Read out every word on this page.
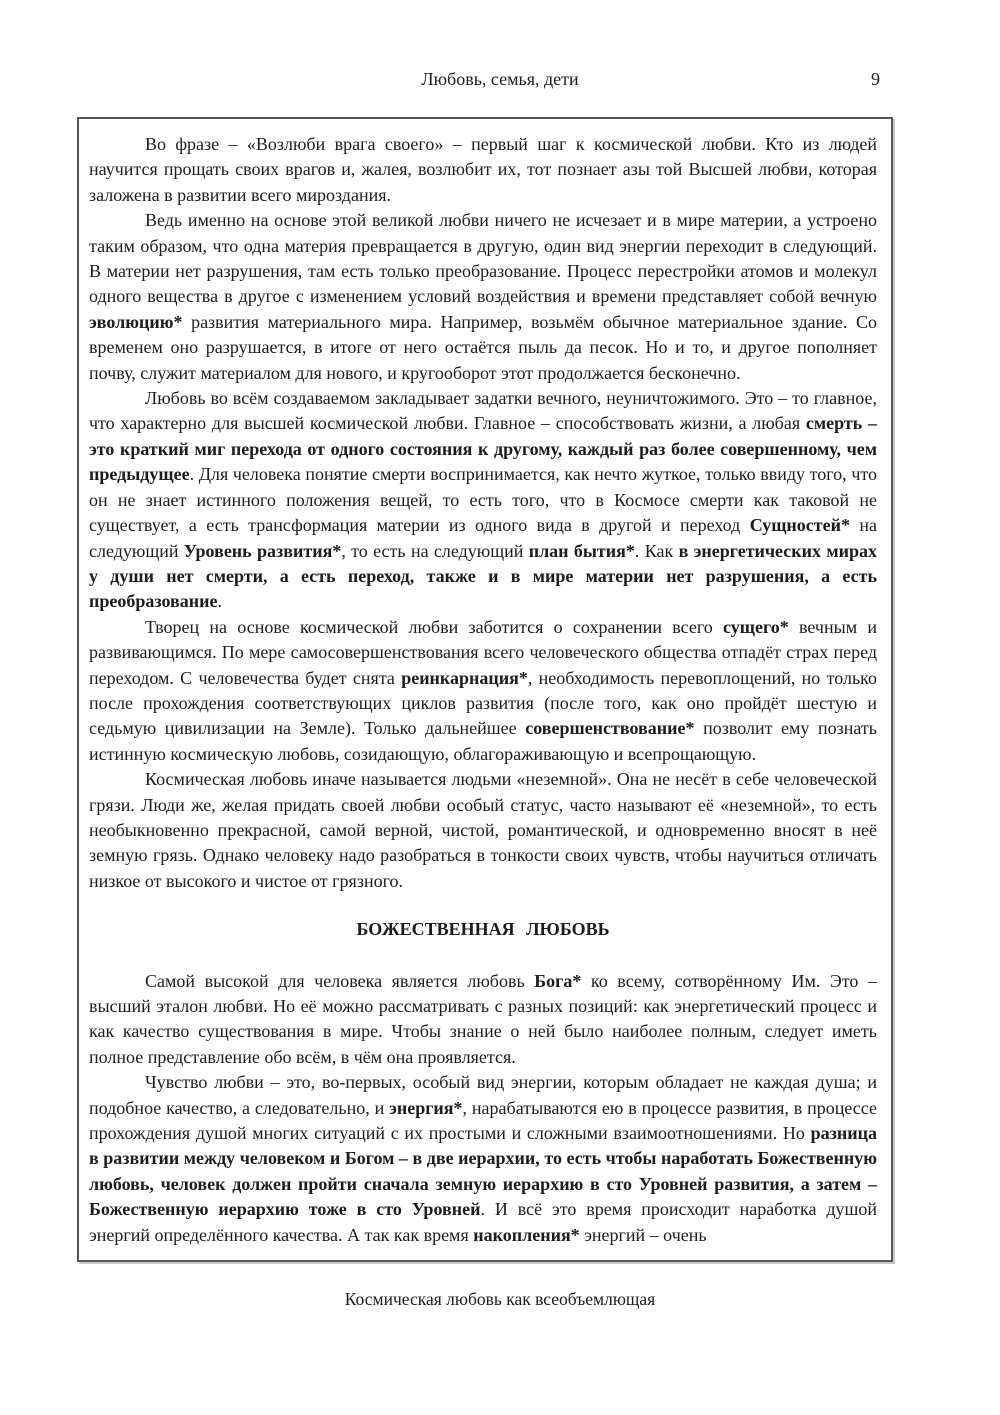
Любовь, семья, дети	9

Во фразе – «Возлюби врага своего» – первый шаг к космической любви. Кто из людей научится прощать своих врагов и, жалея, возлюбит их, тот познает азы той Высшей любви, которая заложена в развитии всего мироздания.

Ведь именно на основе этой великой любви ничего не исчезает и в мире материи, а устроено таким образом, что одна материя превращается в другую, один вид энергии переходит в следующий. В материи нет разрушения, там есть только преобразование. Процесс перестройки атомов и молекул одного вещества в другое с изменением условий воздействия и времени представляет собой вечную эволюцию* развития материального мира. Например, возьмём обычное материальное здание. Со временем оно разрушается, в итоге от него остаётся пыль да песок. Но и то, и другое пополняет почву, служит материалом для нового, и кругооборот этот продолжается бесконечно.

Любовь во всём создаваемом закладывает задатки вечного, неуничтожимого. Это – то главное, что характерно для высшей космической любви. Главное – способствовать жизни, а любая смерть – это краткий миг перехода от одного состояния к другому, каждый раз более совершенному, чем предыдущее. Для человека понятие смерти воспринимается, как нечто жуткое, только ввиду того, что он не знает истинного положения вещей, то есть того, что в Космосе смерти как таковой не существует, а есть трансформация материи из одного вида в другой и переход Сущностей* на следующий Уровень развития*, то есть на следующий план бытия*. Как в энергетических мирах у души нет смерти, а есть переход, также и в мире материи нет разрушения, а есть преобразование.

Творец на основе космической любви заботится о сохранении всего сущего* вечным и развивающимся. По мере самосовершенствования всего человеческого общества отпадёт страх перед переходом. С человечества будет снята реинкарнация*, необходимость перевоплощений, но только после прохождения соответствующих циклов развития (после того, как оно пройдёт шестую и седьмую цивилизации на Земле). Только дальнейшее совершенствование* позволит ему познать истинную космическую любовь, созидающую, облагораживающую и всепрощающую.

Космическая любовь иначе называется людьми «неземной». Она не несёт в себе человеческой грязи. Люди же, желая придать своей любви особый статус, часто называют её «неземной», то есть необыкновенно прекрасной, самой верной, чистой, романтической, и одновременно вносят в неё земную грязь. Однако человеку надо разобраться в тонкости своих чувств, чтобы научиться отличать низкое от высокого и чистое от грязного.

БОЖЕСТВЕННАЯ ЛЮБОВЬ

Самой высокой для человека является любовь Бога* ко всему, сотворённому Им. Это – высший эталон любви. Но её можно рассматривать с разных позиций: как энергетический процесс и как качество существования в мире. Чтобы знание о ней было наиболее полным, следует иметь полное представление обо всём, в чём она проявляется.

Чувство любви – это, во-первых, особый вид энергии, которым обладает не каждая душа; и подобное качество, а следовательно, и энергия*, нарабатываются ею в процессе развития, в процессе прохождения душой многих ситуаций с их простыми и сложными взаимоотношениями. Но разница в развитии между человеком и Богом – в две иерархии, то есть чтобы наработать Божественную любовь, человек должен пройти сначала земную иерархию в сто Уровней развития, а затем – Божественную иерархию тоже в сто Уровней. И всё это время происходит наработка душой энергий определённого качества. А так как время накопления* энергий – очень

Космическая любовь как всеобъемлющая
